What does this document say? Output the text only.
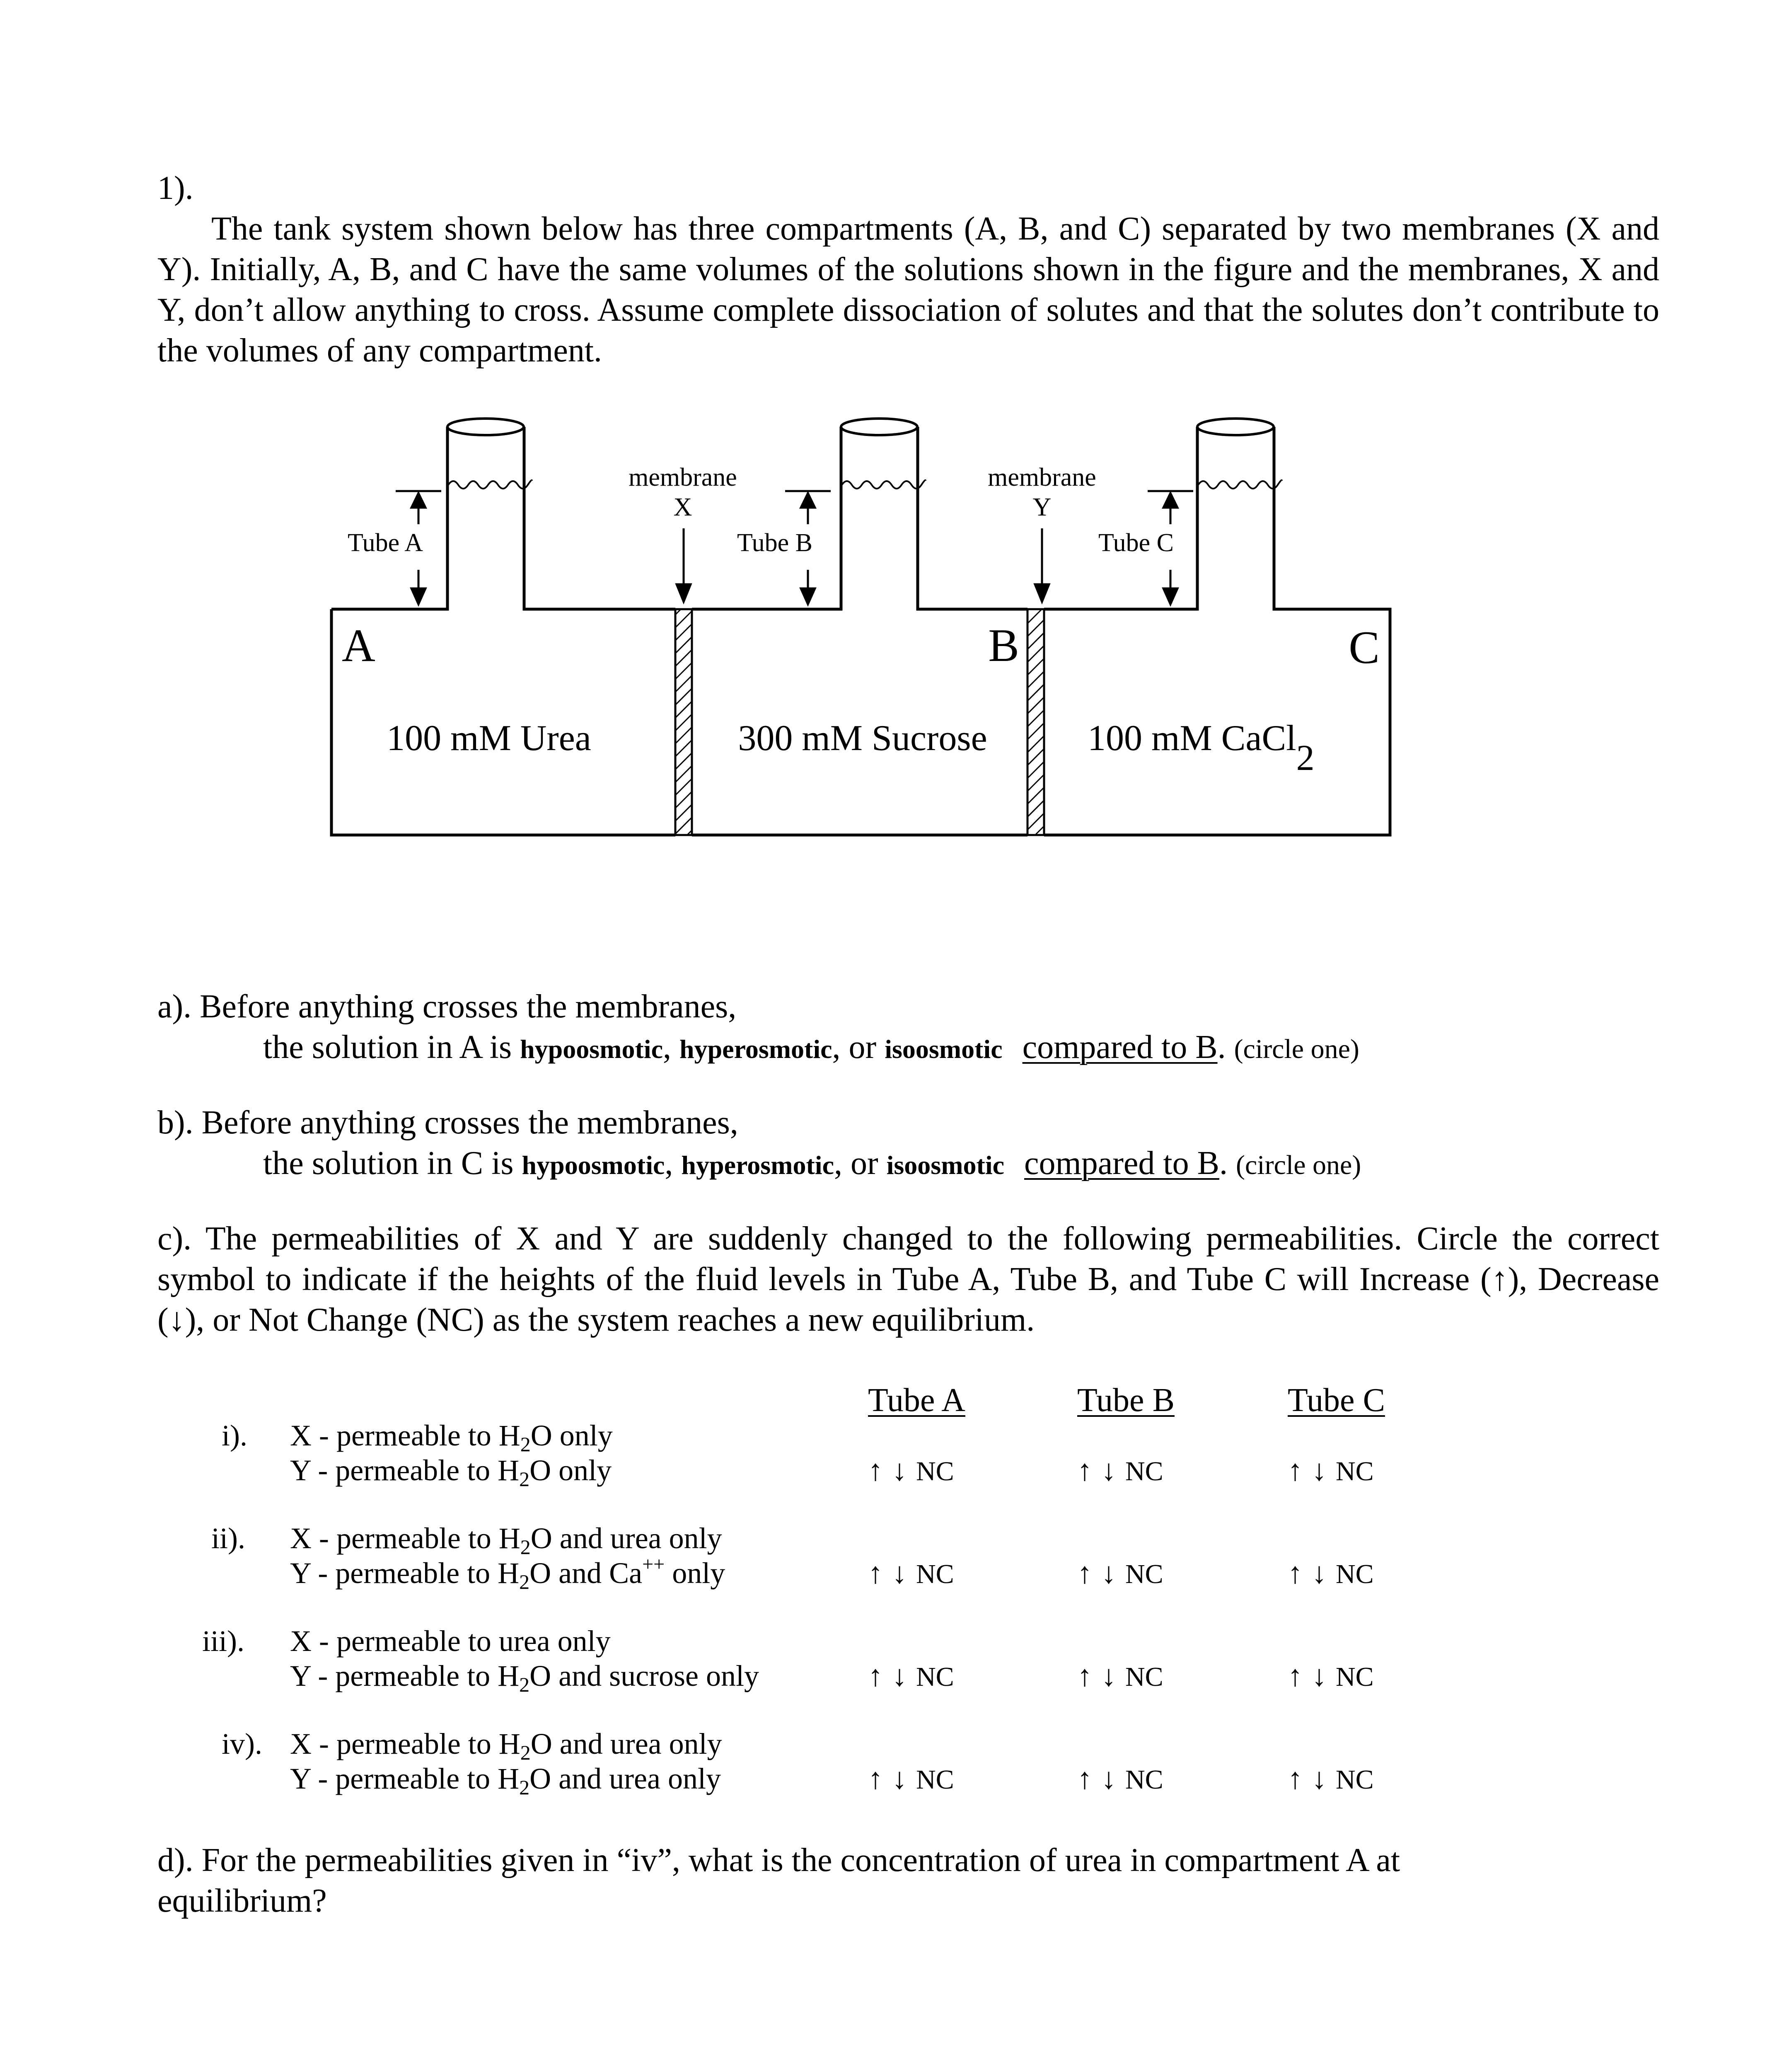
1).
The tank system shown below has three compartments (A, B, and C) separated by two membranes (X and Y). Initially, A, B, and C have the same volumes of the solutions shown in the figure and the membranes, X and Y, don’t allow anything to cross. Assume complete dissociation of solutes and that the solutes don’t contribute to the volumes of any compartment.
Tube A	Tube B	Tube C
membrane
X
membrane
Y
A	B	C
100 mM Urea	300 mM Sucrose	100 mM CaCl2
a). Before anything crosses the membranes,
the solution in A is hypoosmotic, hyperosmotic, or isoosmotic compared to B. (circle one)
b). Before anything crosses the membranes,
the solution in C is hypoosmotic, hyperosmotic, or isoosmotic compared to B. (circle one)
c). The permeabilities of X and Y are suddenly changed to the following permeabilities. Circle the correct symbol to indicate if the heights of the fluid levels in Tube A, Tube B, and Tube C will Increase (↑), Decrease (↓), or Not Change (NC) as the system reaches a new equilibrium.
Tube A	Tube B	Tube C
i). X - permeable to $H_2O$ only
Y - permeable to $H_2O$ only	↑ ↓ NC	↑ ↓ NC	↑ ↓ NC
ii). X - permeable to $H_2O$ and urea only
Y - permeable to $H_2O$ and Ca++ only	↑ ↓ NC	↑ ↓ NC	↑ ↓ NC
iii). X - permeable to urea only
Y - permeable to $H_2O$ and sucrose only	↑ ↓ NC	↑ ↓ NC	↑ ↓ NC
iv). X - permeable to $H_2O$ and urea only
Y - permeable to $H_2O$ and urea only	↑ ↓ NC	↑ ↓ NC	↑ ↓ NC
d). For the permeabilities given in “iv”, what is the concentration of urea in compartment A at equilibrium?
